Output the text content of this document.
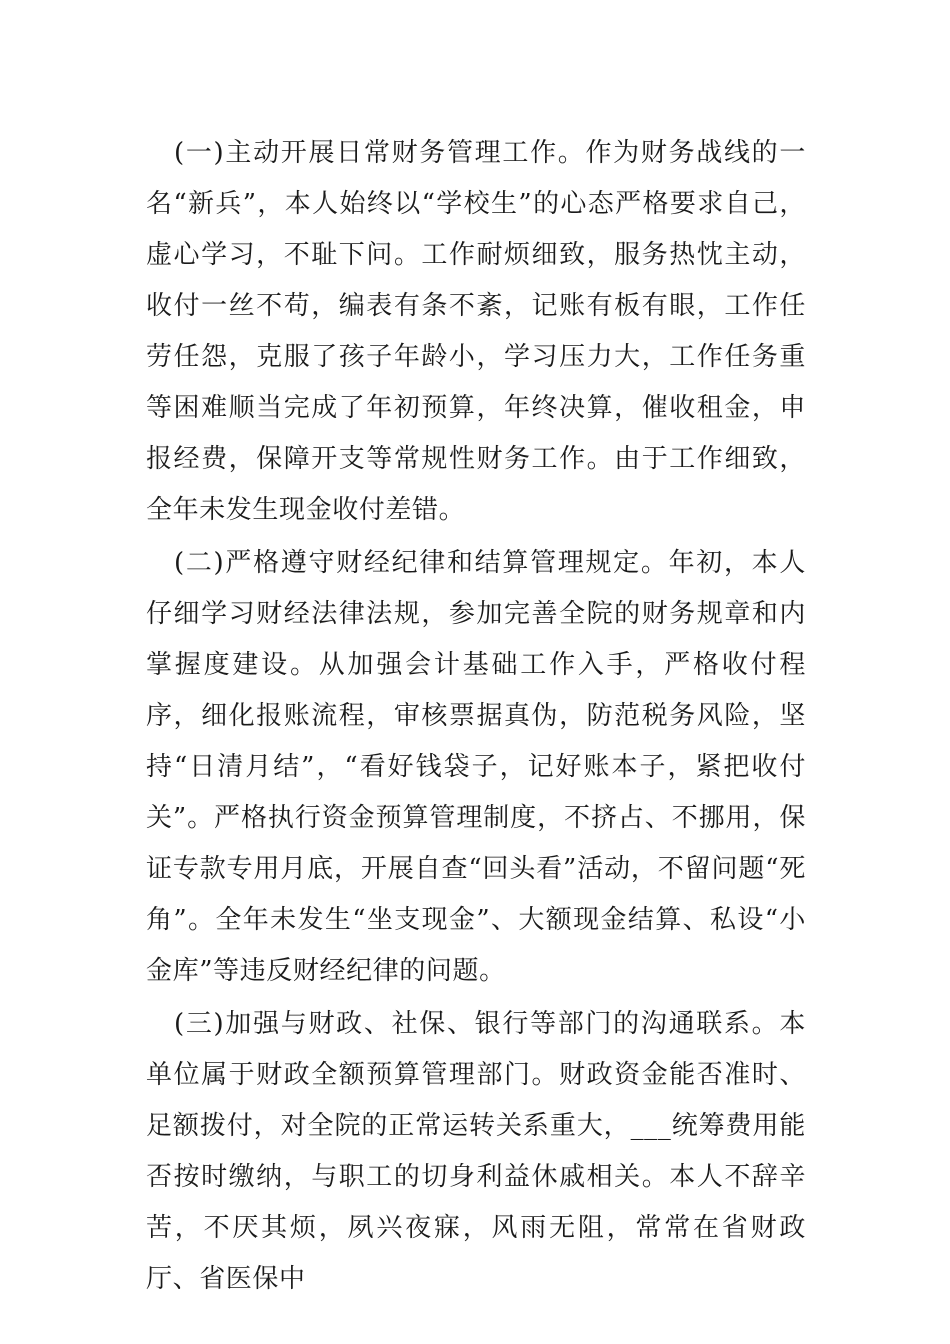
(一)主动开展日常财务管理工作。作为财务战线的一名“新兵”，本人始终以“学校生”的心态严格要求自己，虚心学习，不耻下问。工作耐烦细致，服务热忱主动，收付一丝不苟，编表有条不紊，记账有板有眼，工作任劳任怨，克服了孩子年龄小，学习压力大，工作任务重等困难顺当完成了年初预算，年终决算，催收租金，申报经费，保障开支等常规性财务工作。由于工作细致，全年未发生现金收付差错。

(二)严格遵守财经纪律和结算管理规定。年初，本人仔细学习财经法律法规，参加完善全院的财务规章和内掌握度建设。从加强会计基础工作入手，严格收付程序，细化报账流程，审核票据真伪，防范税务风险，坚持“日清月结”，“看好钱袋子，记好账本子，紧把收付关”。严格执行资金预算管理制度，不挤占、不挪用，保证专款专用月底，开展自查“回头看”活动，不留问题“死角”。全年未发生“坐支现金”、大额现金结算、私设“小金库”等违反财经纪律的问题。

(三)加强与财政、社保、银行等部门的沟通联系。本单位属于财政全额预算管理部门。财政资金能否准时、足额拨付，对全院的正常运转关系重大，___统筹费用能否按时缴纳，与职工的切身利益休戚相关。本人不辞辛苦，不厌其烦，夙兴夜寐，风雨无阻，常常在省财政厅、省医保中
